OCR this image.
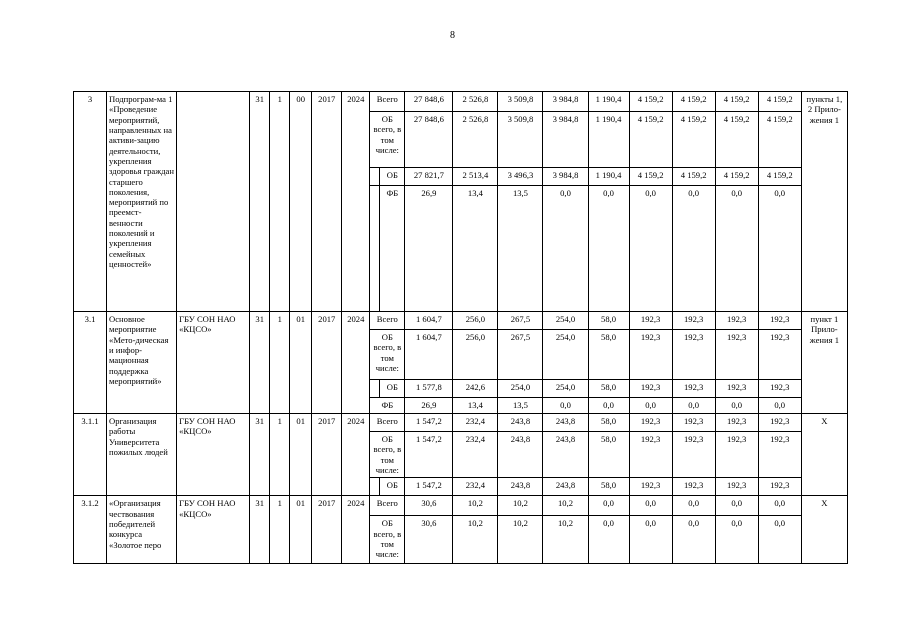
8
3	Подпрограм-ма 1 «Проведение мероприятий, направленных на активи-зацию деятельности, укрепления здоровья граждан старшего поколения, мероприятий по преемст-венности поколений и укрепления семейных ценностей»		31	1	00	2017	2024	Всего		27 848,6	2 526,8	3 509,8	3 984,8	1 190,4	4 159,2	4 159,2	4 159,2	4 159,2	пункты 1, 2 Прило-жения 1
								ОБ всего, в том числе:		27 848,6	2 526,8	3 509,8	3 984,8	1 190,4	4 159,2	4 159,2	4 159,2	4 159,2	
									ОБ	27 821,7	2 513,4	3 496,3	3 984,8	1 190,4	4 159,2	4 159,2	4 159,2	4 159,2	
									ФБ	26,9	13,4	13,5	0,0	0,0	0,0	0,0	0,0	0,0	
3.1	Основное мероприятие «Мето-дическая и инфор-мационная поддержка мероприятий»	ГБУ СОН НАО «КЦСО»	31	1	01	2017	2024	Всего		1 604,7	256,0	267,5	254,0	58,0	192,3	192,3	192,3	192,3	пункт 1 Прило-жения 1
								ОБ всего, в том числе:		1 604,7	256,0	267,5	254,0	58,0	192,3	192,3	192,3	192,3	
									ОБ	1 577,8	242,6	254,0	254,0	58,0	192,3	192,3	192,3	192,3	
								ФБ		26,9	13,4	13,5	0,0	0,0	0,0	0,0	0,0	0,0	
3.1.1	Организация работы Университета пожилых людей	ГБУ СОН НАО «КЦСО»	31	1	01	2017	2024	Всего		1 547,2	232,4	243,8	243,8	58,0	192,3	192,3	192,3	192,3	Х
								ОБ всего, в том числе:		1 547,2	232,4	243,8	243,8	58,0	192,3	192,3	192,3	192,3	
									ОБ	1 547,2	232,4	243,8	243,8	58,0	192,3	192,3	192,3	192,3	
3.1.2	«Организация чествования победителей конкурса «Золотое перо	ГБУ СОН НАО «КЦСО»	31	1	01	2017	2024	Всего		30,6	10,2	10,2	10,2	0,0	0,0	0,0	0,0	0,0	Х
								ОБ всего, в том числе:		30,6	10,2	10,2	10,2	0,0	0,0	0,0	0,0	0,0	
